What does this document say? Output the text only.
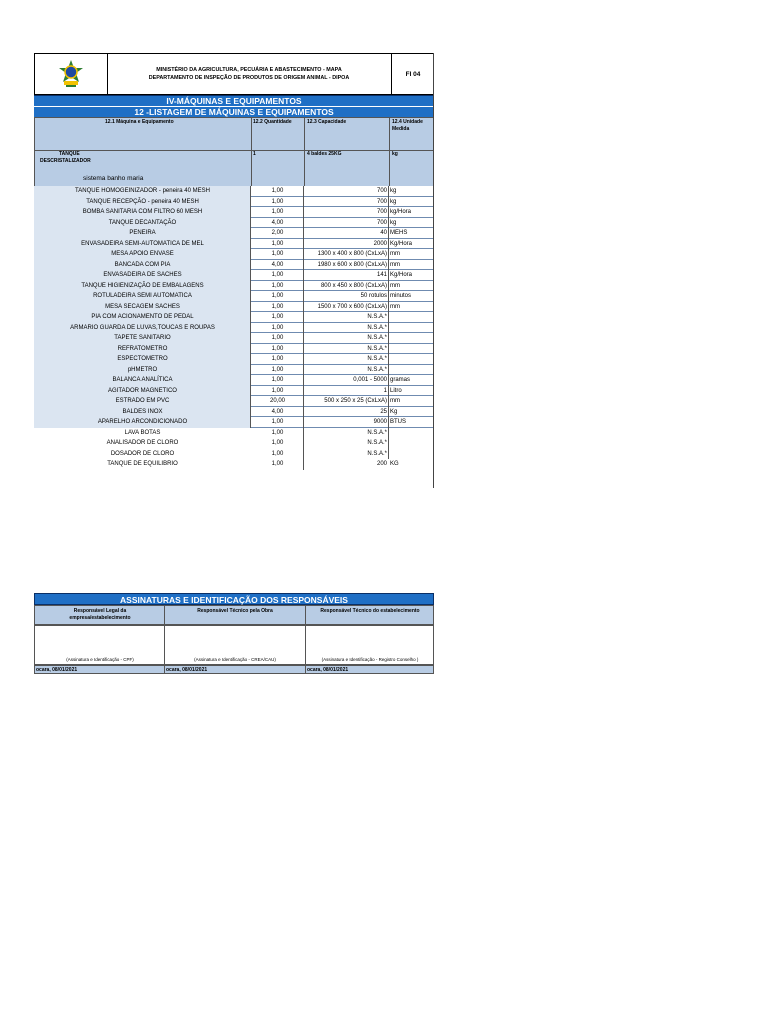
MINISTÉRIO DA AGRICULTURA, PECUÁRIA E ABASTECIMENTO - MAPA
DEPARTAMENTO DE INSPEÇÃO DE PRODUTOS DE ORIGEM ANIMAL - DIPOA
FI 04
IV-MÁQUINAS E EQUIPAMENTOS
12 -LISTAGEM DE MÁQUINAS E EQUIPAMENTOS
12.1 Máquina e Equipamento	12.2 Quantidade	12.3 Capacidade	12.4 Unidade Medida
TANQUE
DESCRISTALIZADOR
1	4 baldes 25KG	kg
sistema banho maria
TANQUE HOMOGEINIZADOR - peneira 40 MESH	1,00	700 kg
TANQUE RECEPÇÃO - peneira 40 MESH	1,00	700 kg
BOMBA SANITARIA COM FILTRO 60 MESH	1,00	700 kg/Hora
TANQUE DECANTAÇÃO	4,00	700 kg
PENEIRA	2,00	40 MEHS
ENVASADEIRA SEMI-AUTOMATICA DE MEL	1,00	2000 Kg/Hora
MESA APOIO ENVASE	1,00	1300 x 400 x 800 (CxLxA) mm
BANCADA COM PIA	4,00	1980 x 600 x 800 (CxLxA) mm
ENVASADEIRA DE SACHES	1,00	141 Kg/Hora
TANQUE HIGIENIZAÇÃO DE EMBALAGENS	1,00	800 x 450 x 800 (CxLxA) mm
ROTULADEIRA SEMI AUTOMATICA	1,00	50 rotulos minutos
MESA SECAGEM SACHES	1,00	1500 x 700 x 600 (CxLxA) mm
PIA COM ACIONAMENTO DE PEDAL	1,00	N.S.A.*
ARMARIO GUARDA DE LUVAS,TOUCAS E ROUPAS	1,00	N.S.A.*
TAPETE SANITARIO	1,00	N.S.A.*
REFRATOMETRO	1,00	N.S.A.*
ESPECTOMETRO	1,00	N.S.A.*
pHMETRO	1,00	N.S.A.*
BALANCA ANALÍTICA	1,00	0,001 - 5000 gramas
AGITADOR MAGNETICO	1,00	1 Litro
ESTRADO EM PVC	20,00	500 x 250 x 25 (CxLxA) mm
BALDES INOX	4,00	25 Kg
APARELHO ARCONDICIONADO	1,00	9000 BTUS
LAVA BOTAS	1,00	N.S.A.*
ANALISADOR DE CLORO	1,00	N.S.A.*
DOSADOR DE CLORO	1,00	N.S.A.*
TANQUE DE EQUILIBRIO	1,00	200 KG
ASSINATURAS E IDENTIFICAÇÃO DOS RESPONSÁVEIS
Responsável Legal da
empresa/estabelecimento
Responsável Técnico pela Obra	Responsável Técnico do estabelecimento
(Assinatura e Identificação - CPF)	(Assinatura e Identificação - CREA/CAU)	(Assinatura e Identificação - Registro Conselho )
ocara, 08/01/2021	ocara, 08/01/2021	ocara, 08/01/2021
